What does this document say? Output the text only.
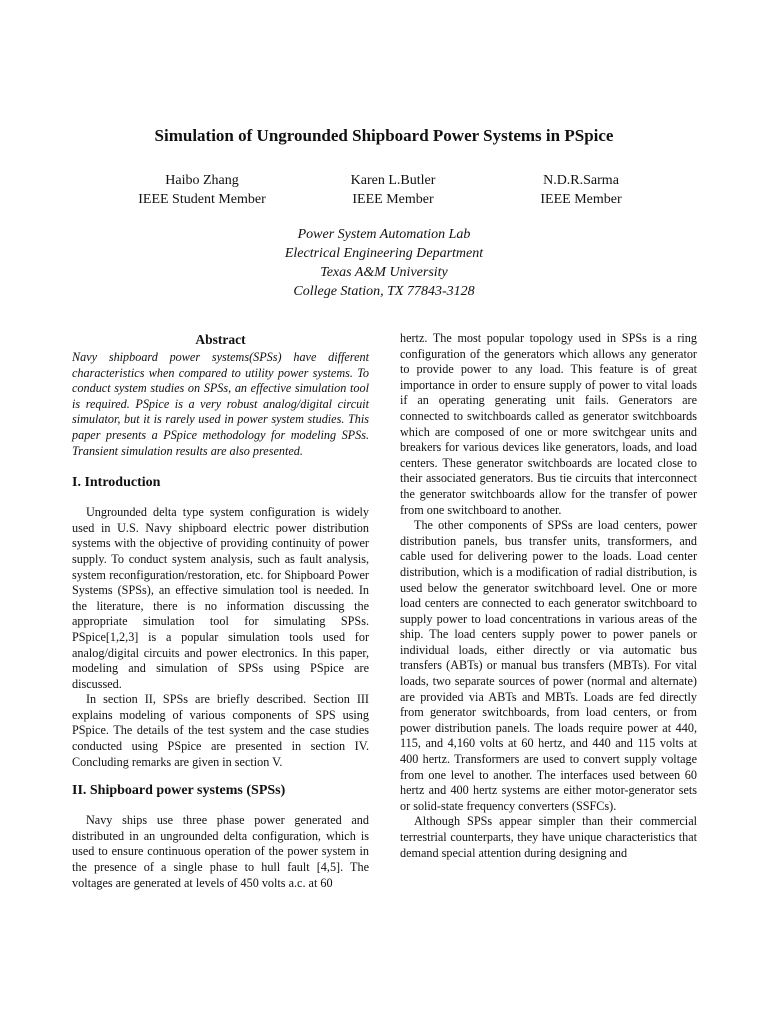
Simulation of Ungrounded Shipboard Power Systems in PSpice
Haibo Zhang
IEEE Student Member
Karen L.Butler
IEEE Member
N.D.R.Sarma
IEEE Member
Power System Automation Lab
Electrical Engineering Department
Texas A&M University
College Station, TX 77843-3128
Abstract

Navy shipboard power systems(SPSs) have different characteristics when compared to utility power systems. To conduct system studies on SPSs, an effective simulation tool is required. PSpice is a very robust analog/digital circuit simulator, but it is rarely used in power system studies. This paper presents a PSpice methodology for modeling SPSs. Transient simulation results are also presented.

I. Introduction

Ungrounded delta type system configuration is widely used in U.S. Navy shipboard electric power distribution systems with the objective of providing continuity of power supply. To conduct system analysis, such as fault analysis, system reconfiguration/restoration, etc. for Shipboard Power Systems (SPSs), an effective simulation tool is needed. In the literature, there is no information discussing the appropriate simulation tool for simulating SPSs. PSpice[1,2,3] is a popular simulation tools used for analog/digital circuits and power electronics. In this paper, modeling and simulation of SPSs using PSpice are discussed.

In section II, SPSs are briefly described. Section III explains modeling of various components of SPS using PSpice. The details of the test system and the case studies conducted using PSpice are presented in section IV. Concluding remarks are given in section V.

II. Shipboard power systems (SPSs)

Navy ships use three phase power generated and distributed in an ungrounded delta configuration, which is used to ensure continuous operation of the power system in the presence of a single phase to hull fault [4,5]. The voltages are generated at levels of 450 volts a.c. at 60

hertz. The most popular topology used in SPSs is a ring configuration of the generators which allows any generator to provide power to any load. This feature is of great importance in order to ensure supply of power to vital loads if an operating generating unit fails. Generators are connected to switchboards called as generator switchboards which are composed of one or more switchgear units and breakers for various devices like generators, loads, and load centers. These generator switchboards are located close to their associated generators. Bus tie circuits that interconnect the generator switchboards allow for the transfer of power from one switchboard to another.

The other components of SPSs are load centers, power distribution panels, bus transfer units, transformers, and cable used for delivering power to the loads. Load center distribution, which is a modification of radial distribution, is used below the generator switchboard level. One or more load centers are connected to each generator switchboard to supply power to load concentrations in various areas of the ship. The load centers supply power to power panels or individual loads, either directly or via automatic bus transfers (ABTs) or manual bus transfers (MBTs). For vital loads, two separate sources of power (normal and alternate) are provided via ABTs and MBTs. Loads are fed directly from generator switchboards, from load centers, or from power distribution panels. The loads require power at 440, 115, and 4,160 volts at 60 hertz, and 440 and 115 volts at 400 hertz. Transformers are used to convert supply voltage from one level to another. The interfaces used between 60 hertz and 400 hertz systems are either motor-generator sets or solid-state frequency converters (SSFCs).

Although SPSs appear simpler than their commercial terrestrial counterparts, they have unique characteristics that demand special attention during designing and
